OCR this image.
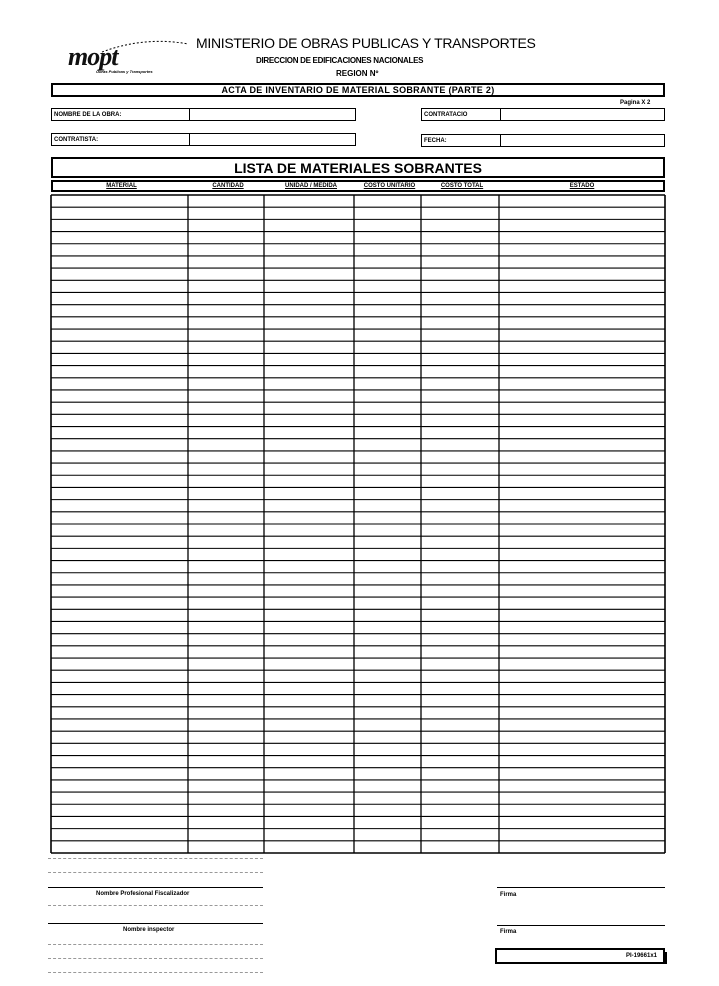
mopt
Obras Publicas y Transportes
MINISTERIO DE OBRAS PUBLICAS Y TRANSPORTES
DIRECCION DE EDIFICACIONES NACIONALES
REGION Nº
ACTA DE INVENTARIO DE MATERIAL SOBRANTE (PARTE 2)
Pagina X 2
NOMBRE DE LA OBRA:	CONTRATACIO
CONTRATISTA:	FECHA:
LISTA DE MATERIALES SOBRANTES
MATERIAL	CANTIDAD	UNIDAD / MEDIDA	COSTO UNITARIO	COSTO TOTAL	ESTADO
Nombre Profesional Fiscalizador
Nombre inspector
Firma
Firma
PI-19661x1
